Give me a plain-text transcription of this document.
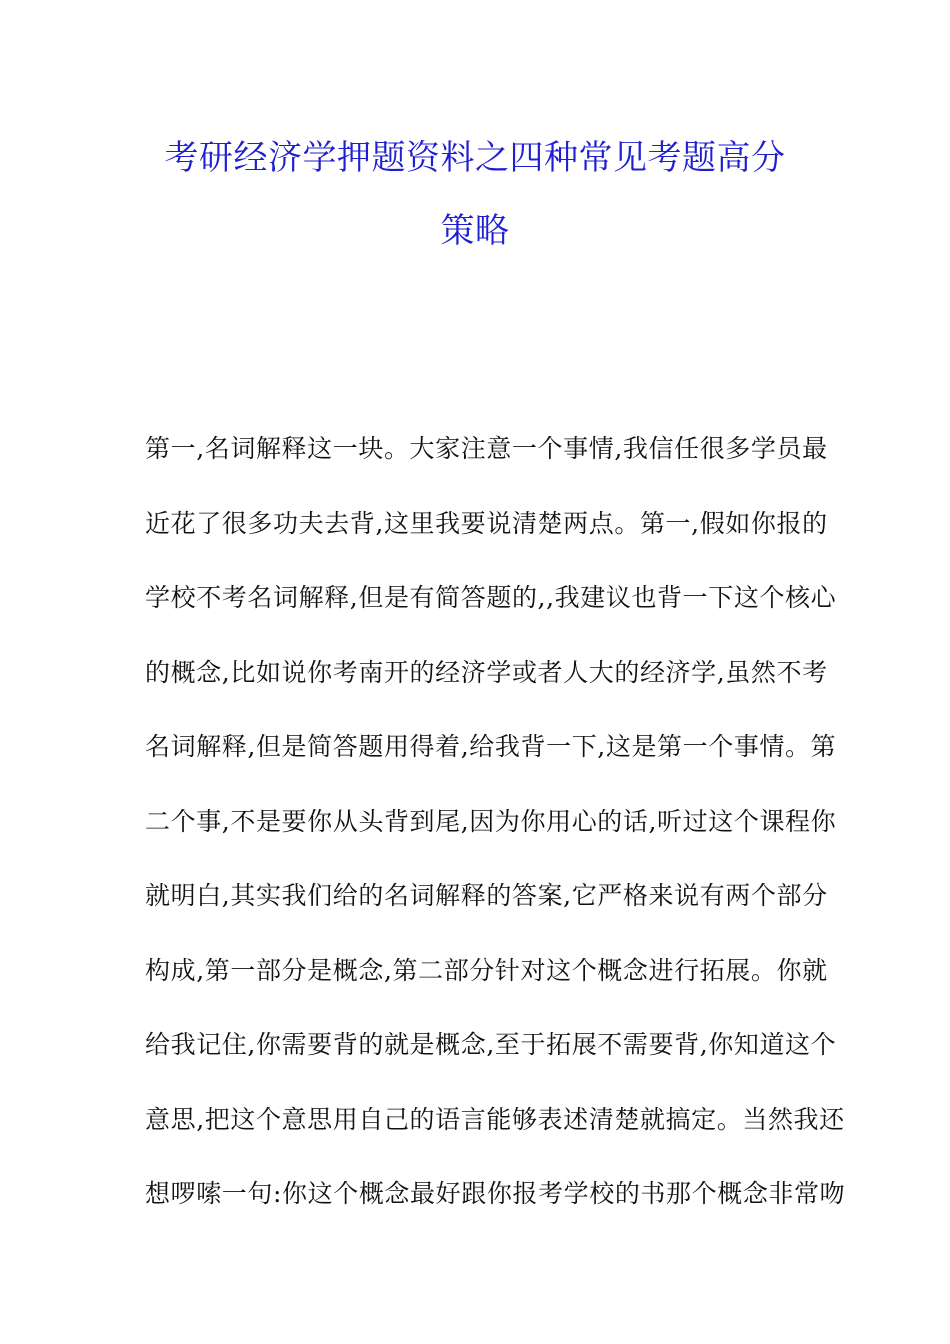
考研经济学押题资料之四种常见考题高分
策略
第一,名词解释这一块。大家注意一个事情,我信任很多学员最
近花了很多功夫去背,这里我要说清楚两点。第一,假如你报的
学校不考名词解释,但是有简答题的,,我建议也背一下这个核心
的概念,比如说你考南开的经济学或者人大的经济学,虽然不考
名词解释,但是简答题用得着,给我背一下,这是第一个事情。第
二个事,不是要你从头背到尾,因为你用心的话,听过这个课程你
就明白,其实我们给的名词解释的答案,它严格来说有两个部分
构成,第一部分是概念,第二部分针对这个概念进行拓展。你就
给我记住,你需要背的就是概念,至于拓展不需要背,你知道这个
意思,把这个意思用自己的语言能够表述清楚就搞定。当然我还
想啰嗦一句:你这个概念最好跟你报考学校的书那个概念非常吻
